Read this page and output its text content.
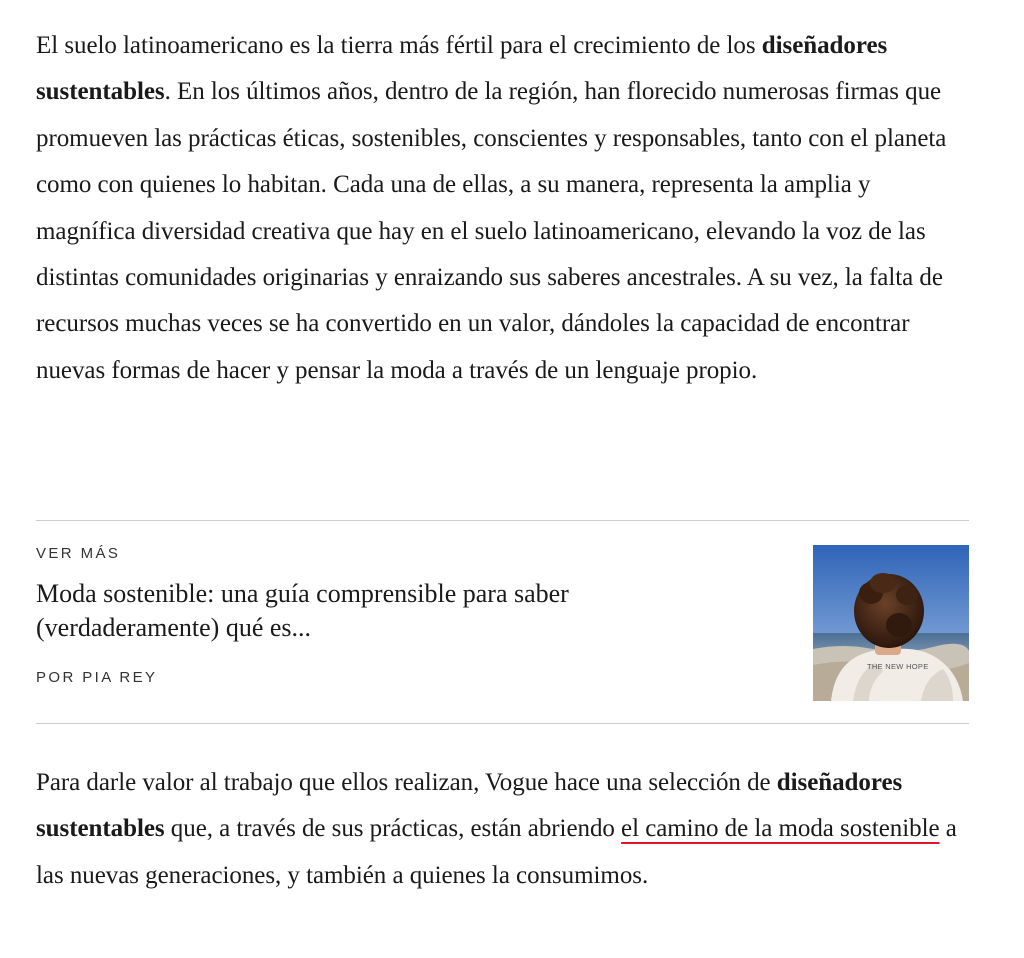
El suelo latinoamericano es la tierra más fértil para el crecimiento de los diseñadores sustentables. En los últimos años, dentro de la región, han florecido numerosas firmas que promueven las prácticas éticas, sostenibles, conscientes y responsables, tanto con el planeta como con quienes lo habitan. Cada una de ellas, a su manera, representa la amplia y magnífica diversidad creativa que hay en el suelo latinoamericano, elevando la voz de las distintas comunidades originarias y enraizando sus saberes ancestrales. A su vez, la falta de recursos muchas veces se ha convertido en un valor, dándoles la capacidad de encontrar nuevas formas de hacer y pensar la moda a través de un lenguaje propio.

VER MÁS
Moda sostenible: una guía comprensible para saber (verdaderamente) qué es...
POR PIA REY
THE NEW HOPE

Para darle valor al trabajo que ellos realizan, Vogue hace una selección de diseñadores sustentables que, a través de sus prácticas, están abriendo el camino de la moda sostenible a las nuevas generaciones, y también a quienes la consumimos.
